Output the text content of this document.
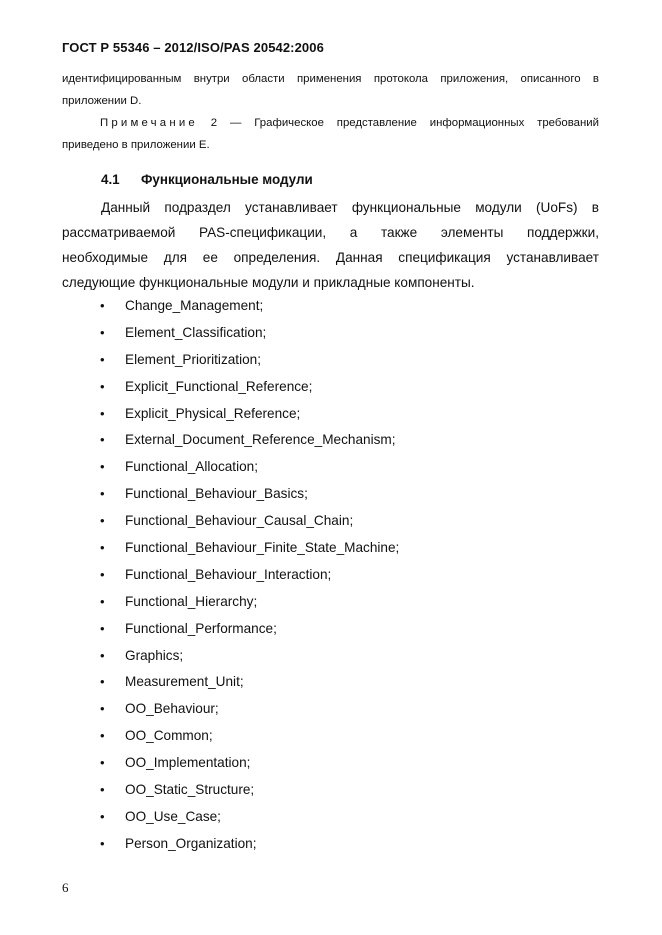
ГОСТ Р 55346 – 2012/ISO/PAS 20542:2006
идентифицированным внутри области применения протокола приложения, описанного в
приложении D.
Примечание 2 — Графическое представление информационных требований
приведено в приложении E.
4.1 Функциональные модули
Данный подраздел устанавливает функциональные модули (UoFs) в
рассматриваемой PAS-спецификации, а также элементы поддержки,
необходимые для ее определения. Данная спецификация устанавливает
следующие функциональные модули и прикладные компоненты.
• Change_Management;
• Element_Classification;
• Element_Prioritization;
• Explicit_Functional_Reference;
• Explicit_Physical_Reference;
• External_Document_Reference_Mechanism;
• Functional_Allocation;
• Functional_Behaviour_Basics;
• Functional_Behaviour_Causal_Chain;
• Functional_Behaviour_Finite_State_Machine;
• Functional_Behaviour_Interaction;
• Functional_Hierarchy;
• Functional_Performance;
• Graphics;
• Measurement_Unit;
• OO_Behaviour;
• OO_Common;
• OO_Implementation;
• OO_Static_Structure;
• OO_Use_Case;
• Person_Organization;
6
